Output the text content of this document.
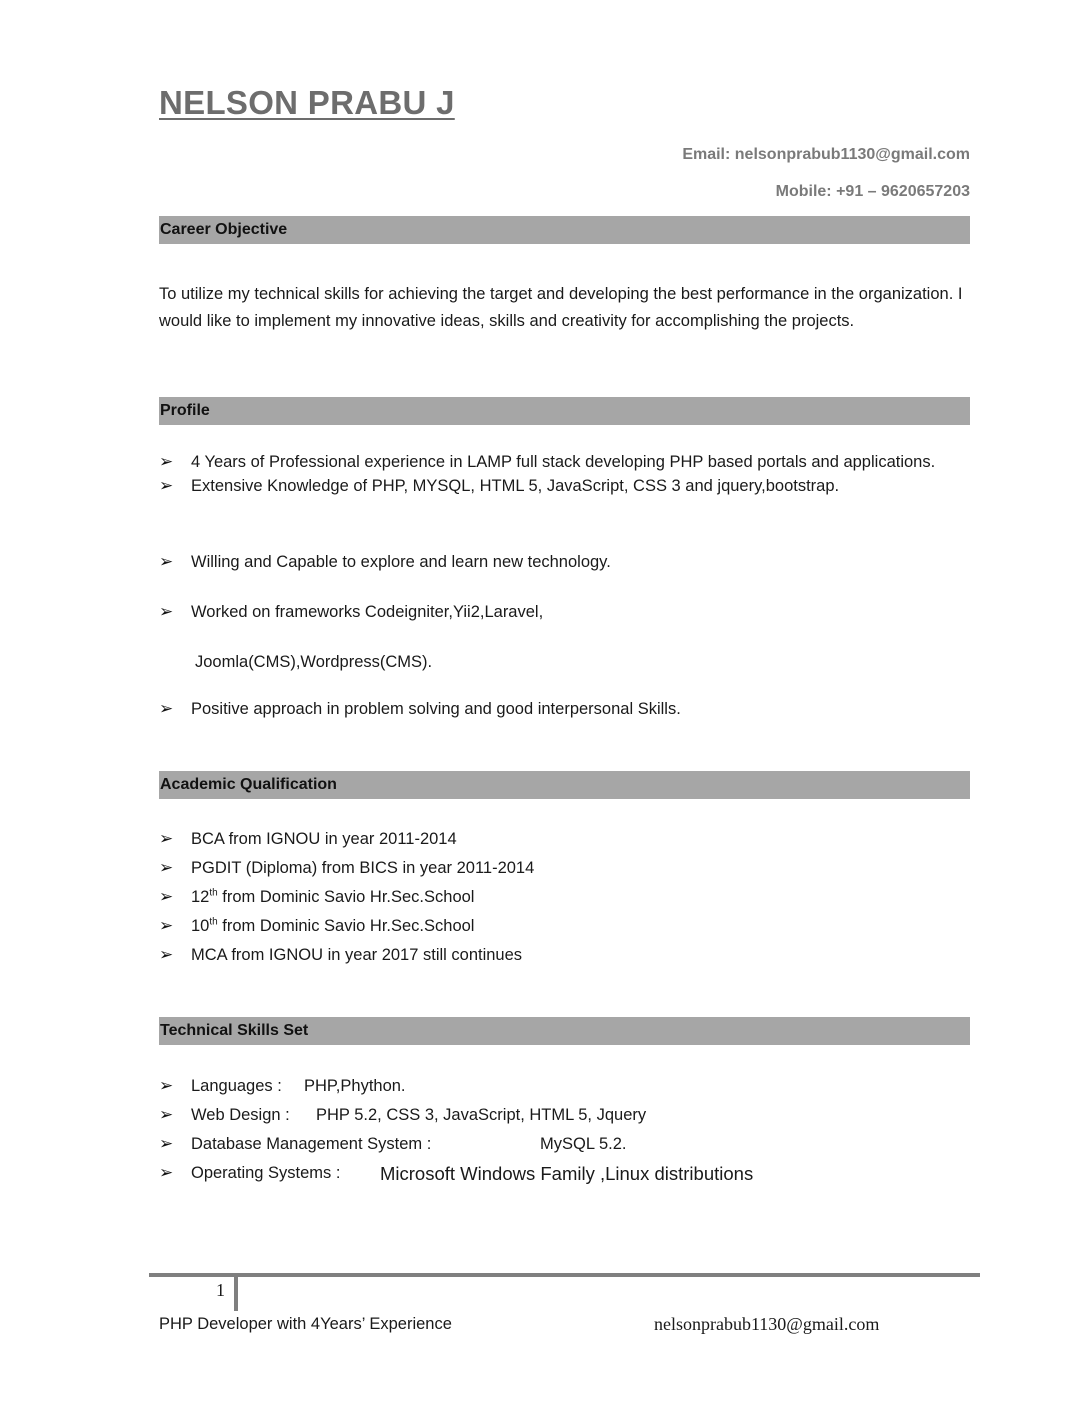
NELSON PRABU J
Email: nelsonprabub1130@gmail.com
Mobile: +91 – 9620657203
Career Objective
To utilize my technical skills for achieving the target and developing the best performance in the organization. I would like to implement my innovative ideas, skills and creativity for accomplishing the projects.
Profile
➢ 4 Years of Professional experience in LAMP full stack developing PHP based portals and applications.
➢ Extensive Knowledge of PHP, MYSQL, HTML 5, JavaScript, CSS 3 and jquery,bootstrap.
➢ Willing and Capable to explore and learn new technology.
➢ Worked on frameworks Codeigniter,Yii2,Laravel,
Joomla(CMS),Wordpress(CMS).
➢ Positive approach in problem solving and good interpersonal Skills.
Academic Qualification
➢ BCA from IGNOU in year 2011-2014
➢ PGDIT (Diploma) from BICS in year 2011-2014
➢ 12th from Dominic Savio Hr.Sec.School
➢ 10th from Dominic Savio Hr.Sec.School
➢ MCA from IGNOU in year 2017 still continues
Technical Skills Set
➢ Languages : PHP,Phython.
➢ Web Design : PHP 5.2, CSS 3, JavaScript, HTML 5, Jquery
➢ Database Management System :	MySQL 5.2.
➢ Operating Systems : Microsoft Windows Family ,Linux distributions
1
PHP Developer with 4Years’ Experience	nelsonprabub1130@gmail.com
